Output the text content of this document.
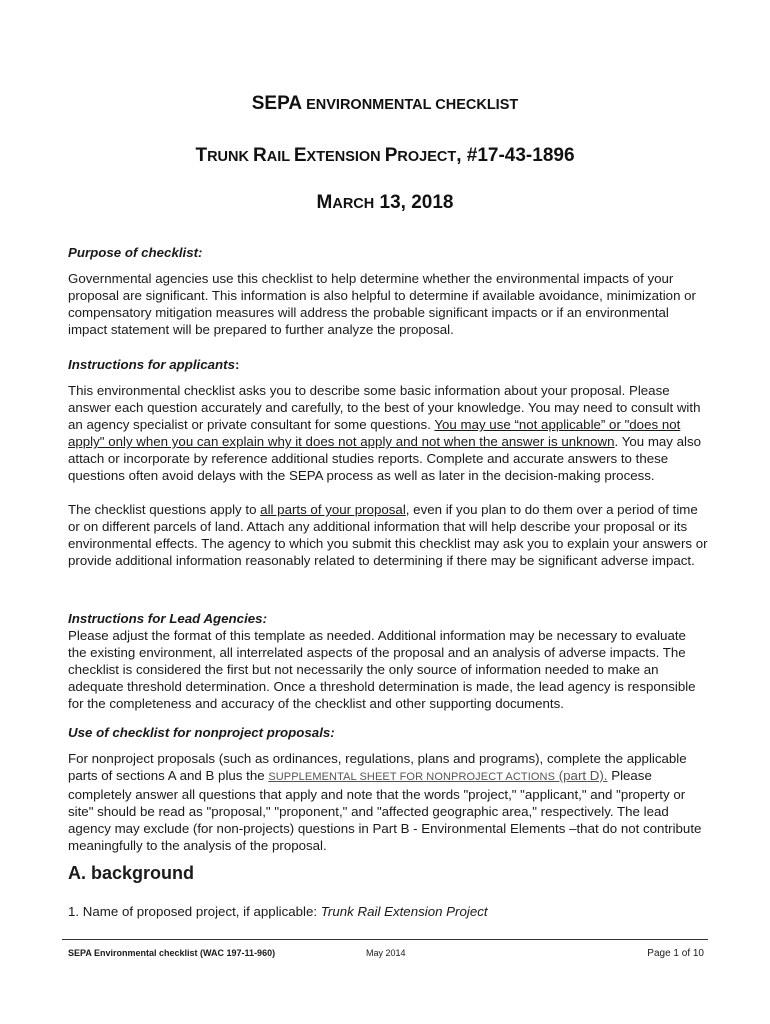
SEPA ENVIRONMENTAL CHECKLIST
TRUNK RAIL EXTENSION PROJECT, #17-43-1896
MARCH 13, 2018
Purpose of checklist:

Governmental agencies use this checklist to help determine whether the environmental impacts of your proposal are significant. This information is also helpful to determine if available avoidance, minimization or compensatory mitigation measures will address the probable significant impacts or if an environmental impact statement will be prepared to further analyze the proposal.

Instructions for applicants:

This environmental checklist asks you to describe some basic information about your proposal. Please answer each question accurately and carefully, to the best of your knowledge. You may need to consult with an agency specialist or private consultant for some questions. You may use “not applicable” or "does not apply" only when you can explain why it does not apply and not when the answer is unknown. You may also attach or incorporate by reference additional studies reports. Complete and accurate answers to these questions often avoid delays with the SEPA process as well as later in the decision-making process.

The checklist questions apply to all parts of your proposal, even if you plan to do them over a period of time or on different parcels of land. Attach any additional information that will help describe your proposal or its environmental effects. The agency to which you submit this checklist may ask you to explain your answers or provide additional information reasonably related to determining if there may be significant adverse impact.

Instructions for Lead Agencies:

Please adjust the format of this template as needed. Additional information may be necessary to evaluate the existing environment, all interrelated aspects of the proposal and an analysis of adverse impacts. The checklist is considered the first but not necessarily the only source of information needed to make an adequate threshold determination. Once a threshold determination is made, the lead agency is responsible for the completeness and accuracy of the checklist and other supporting documents.

Use of checklist for nonproject proposals:

For nonproject proposals (such as ordinances, regulations, plans and programs), complete the applicable parts of sections A and B plus the SUPPLEMENTAL SHEET FOR NONPROJECT ACTIONS (part D). Please completely answer all questions that apply and note that the words "project," "applicant," and "property or site" should be read as "proposal," "proponent," and "affected geographic area," respectively. The lead agency may exclude (for non-projects) questions in Part B - Environmental Elements –that do not contribute meaningfully to the analysis of the proposal.

A. background
1. Name of proposed project, if applicable: Trunk Rail Extension Project
SEPA Environmental checklist (WAC 197-11-960)	May 2014	Page 1 of 10
